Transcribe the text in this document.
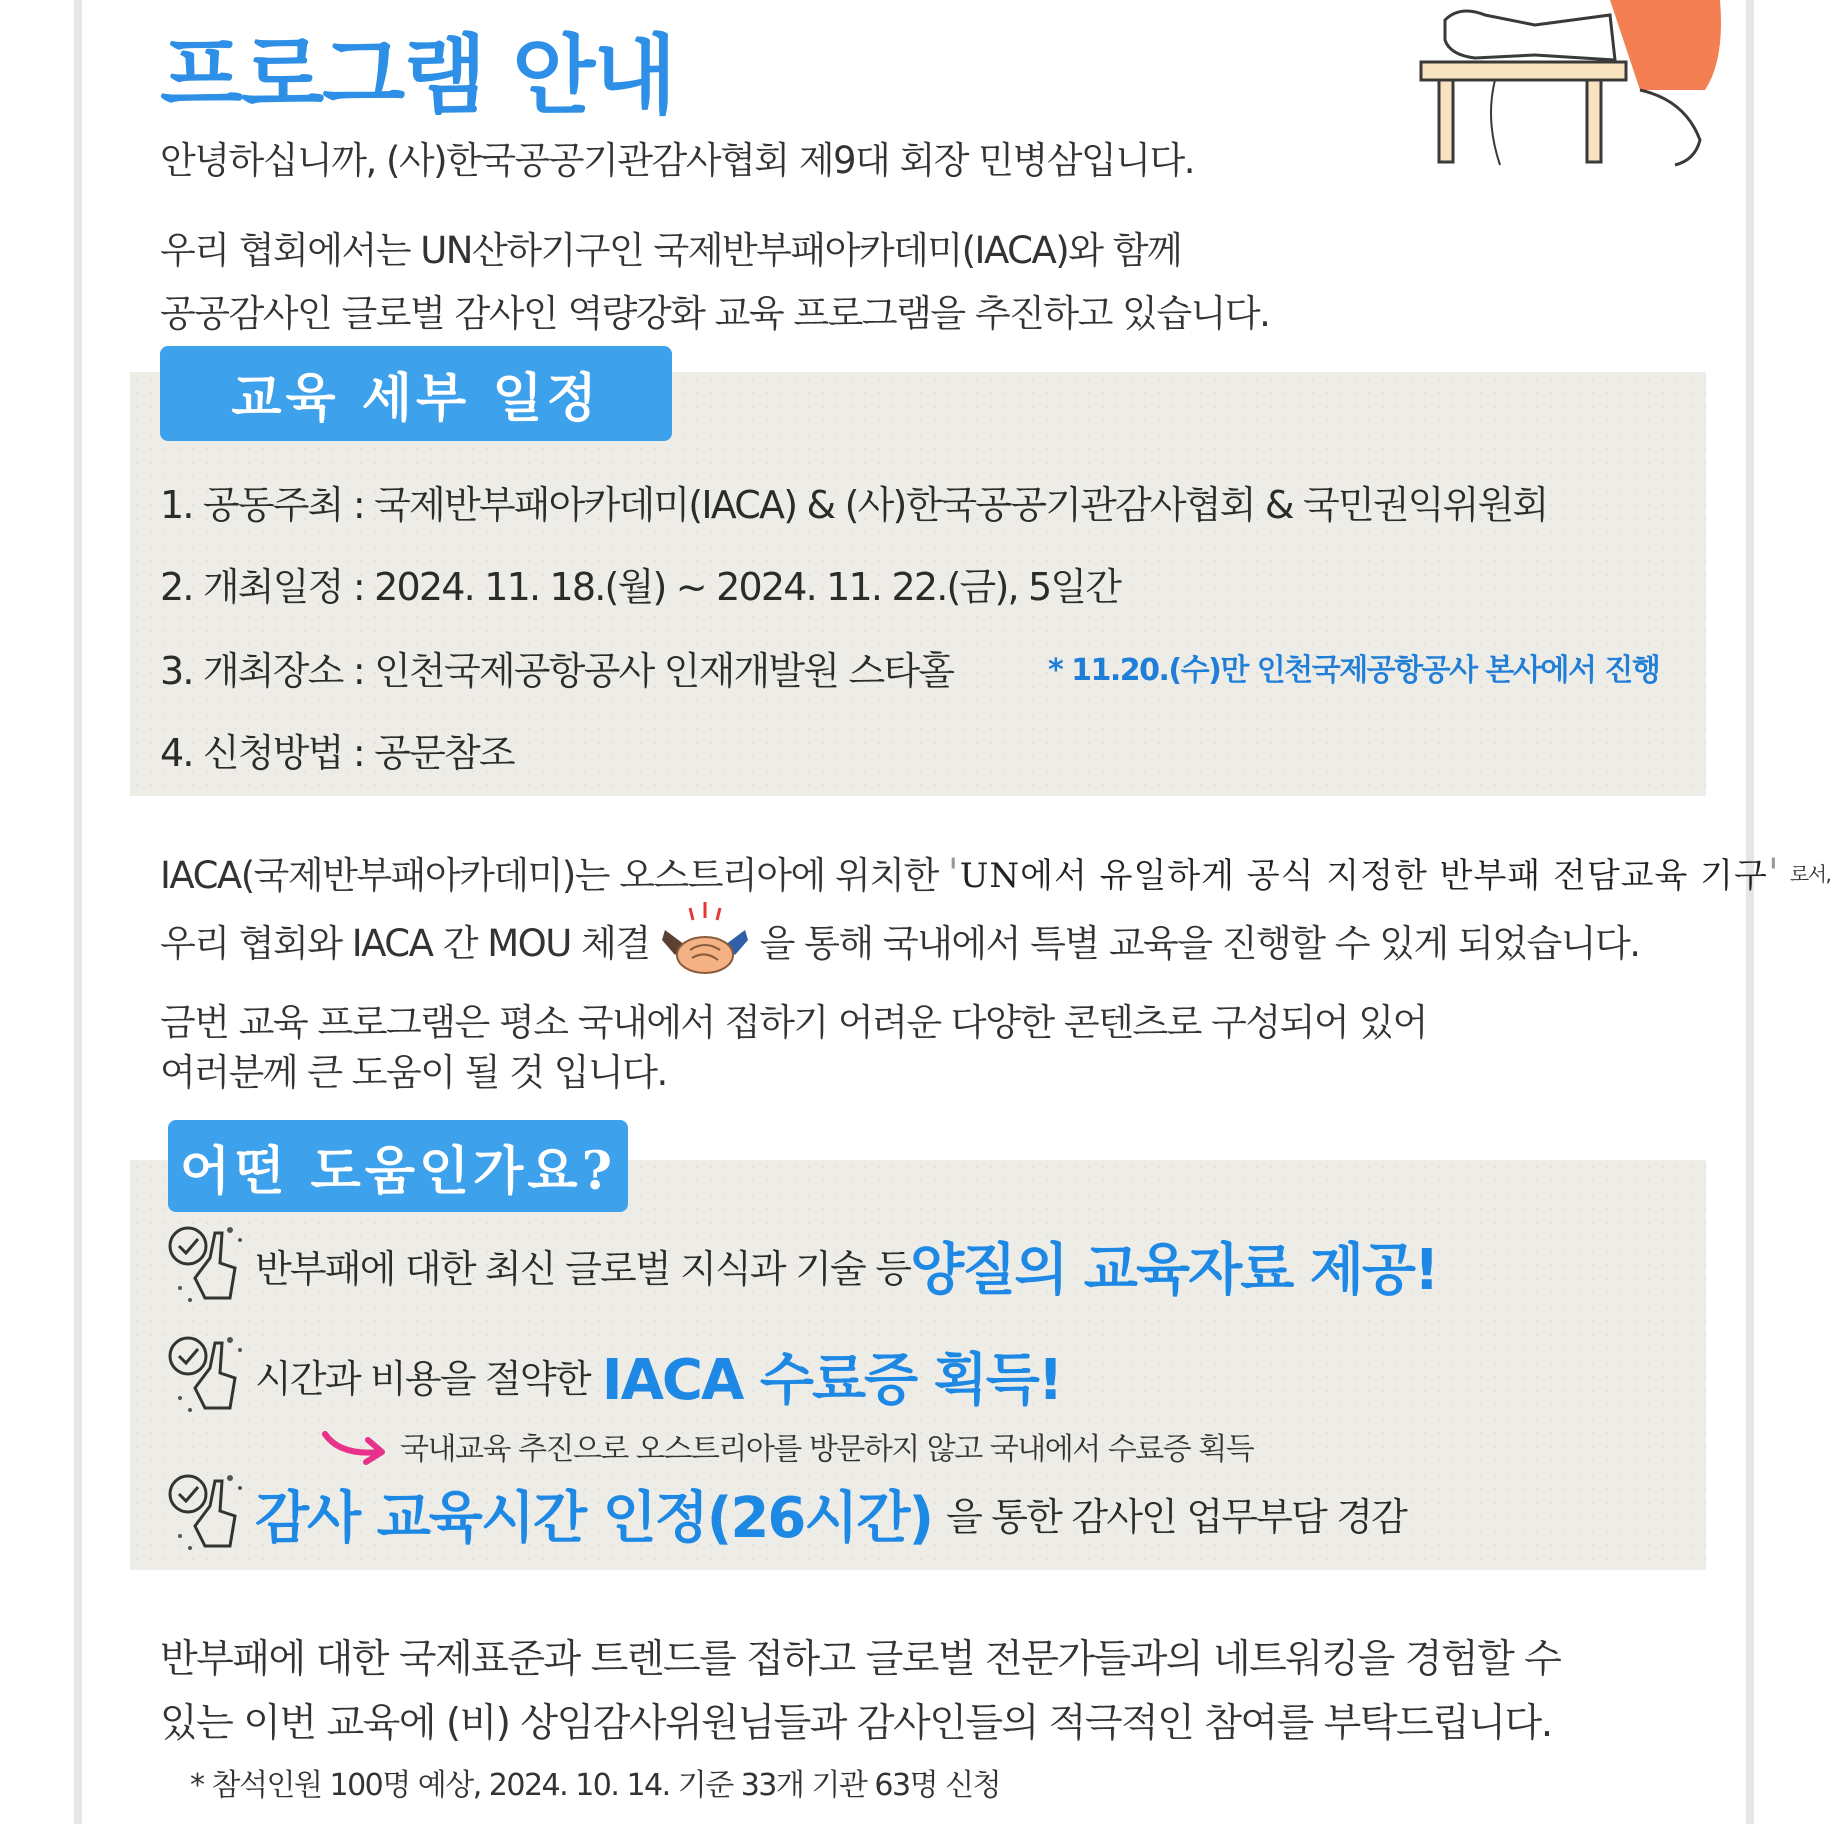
프로그램 안내

안녕하십니까, (사)한국공공기관감사협회 제9대 회장 민병삼입니다.

우리 협회에서는 UN산하기구인 국제반부패아카데미(IACA)와 함께

공공감사인 글로벌 감사인 역량강화 교육 프로그램을 추진하고 있습니다.

교육 세부 일정

1. 공동주최 : 국제반부패아카데미(IACA) & (사)한국공공기관감사협회 & 국민권익위원회

2. 개최일정 : 2024. 11. 18.(월) ~ 2024. 11. 22.(금), 5일간

3. 개최장소 : 인천국제공항공사 인재개발원 스타홀	* 11.20.(수)만 인천국제공항공사 본사에서 진행

4. 신청방법 : 공문참조

IACA(국제반부패아카데미)는 오스트리아에 위치한
' UN에서 유일하게 공식 지정한 반부패 전담교육 기구 '	로서,

우리 협회와 IACA 간 MOU 체결	을 통해 국내에서 특별 교육을 진행할 수 있게 되었습니다.

금번 교육 프로그램은 평소 국내에서 접하기 어려운 다양한 콘텐츠로 구성되어 있어

여러분께 큰 도움이 될 것 입니다.

어떤 도움인가요?
반부패에 대한 최신 글로벌 지식과 기술 등 양질의 교육자료 제공!
시간과 비용을 절약한 IACA 수료증 획득!
국내교육 추진으로 오스트리아를 방문하지 않고 국내에서 수료증 획득
감사 교육시간 인정(26시간) 을 통한 감사인 업무부담 경감

반부패에 대한 국제표준과 트렌드를 접하고 글로벌 전문가들과의 네트워킹을 경험할 수

있는 이번 교육에 (비) 상임감사위원님들과 감사인들의 적극적인 참여를 부탁드립니다.

* 참석인원 100명 예상, 2024. 10. 14. 기준 33개 기관 63명 신청
